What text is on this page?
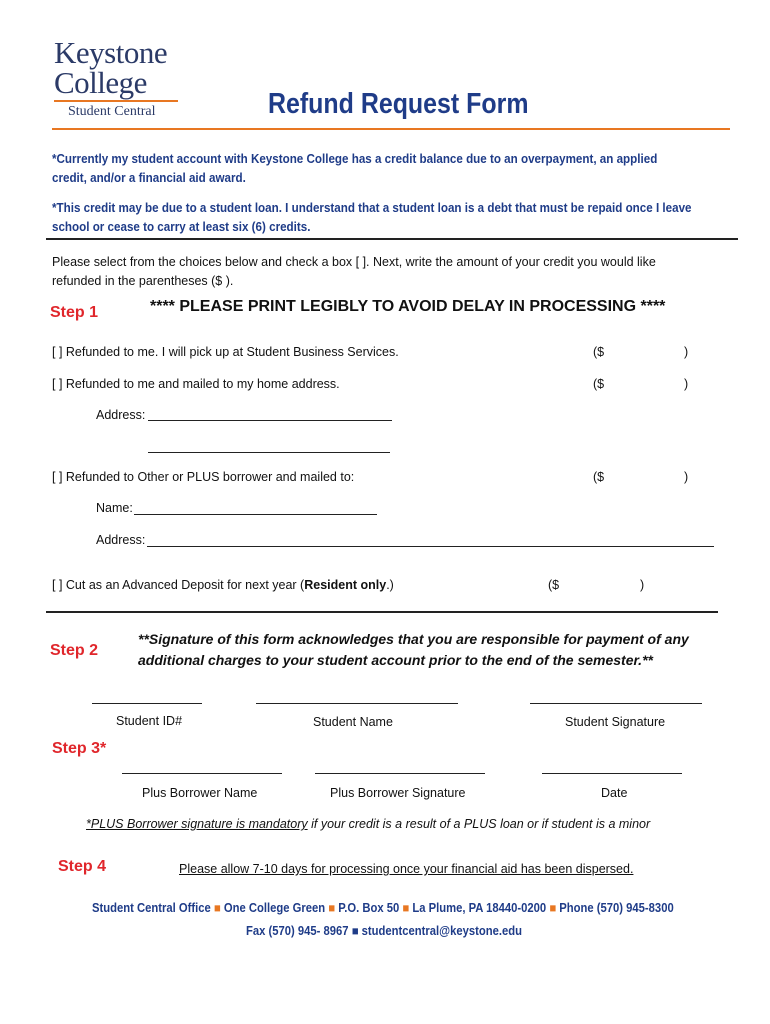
Keystone
College
Student Central	Refund Request Form
*Currently my student account with Keystone College has a credit balance due to an overpayment, an applied credit, and/or a financial aid award.
*This credit may be due to a student loan. I understand that a student loan is a debt that must be repaid once I leave school or cease to carry at least six (6) credits.
Please select from the choices below and check a box [ ]. Next, write the amount of your credit you would like refunded in the parentheses ($ ).
Step 1	**** PLEASE PRINT LEGIBLY TO AVOID DELAY IN PROCESSING ****
[ ] Refunded to me. I will pick up at Student Business Services.	($	)
[ ] Refunded to me and mailed to my home address.	($	)
Address:
[ ] Refunded to Other or PLUS borrower and mailed to:	($	)
Name:
Address:
[ ] Cut as an Advanced Deposit for next year (Resident only.)	($	)
Step 2
**Signature of this form acknowledges that you are responsible for payment of any additional charges to your student account prior to the end of the semester.**
Student ID#	Student Name	Student Signature
Step 3*
Plus Borrower Name	Plus Borrower Signature	Date
*PLUS Borrower signature is mandatory if your credit is a result of a PLUS loan or if student is a minor
Step 4	Please allow 7-10 days for processing once your financial aid has been dispersed.
Student Central Office ■ One College Green ■ P.O. Box 50 ■ La Plume, PA 18440-0200 ■ Phone (570) 945-8300
Fax (570) 945- 8967 ■ studentcentral@keystone.edu
